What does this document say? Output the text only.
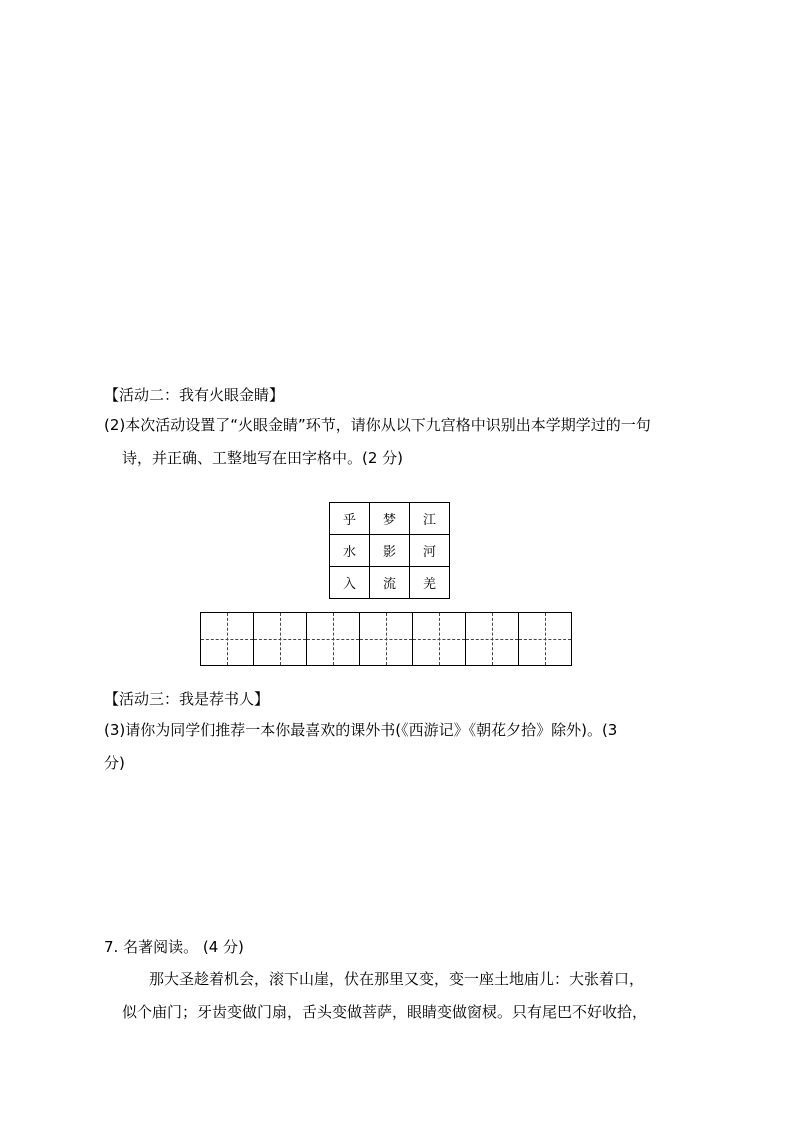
【活动二：我有火眼金睛】
(2)本次活动设置了“火眼金睛”环节，请你从以下九宫格中识别出本学期学过的一句
诗，并正确、工整地写在田字格中。(2 分)
乎	梦	江
水	影	河
入	流	羌
【活动三：我是荐书人】
(3)请你为同学们推荐一本你最喜欢的课外书(《西游记》《朝花夕拾》除外)。(3
分)
7. 名著阅读。 (4 分)
那大圣趁着机会，滚下山崖，伏在那里又变，变一座土地庙儿：大张着口，
似个庙门；牙齿变做门扇，舌头变做菩萨，眼睛变做窗棂。只有尾巴不好收拾，
